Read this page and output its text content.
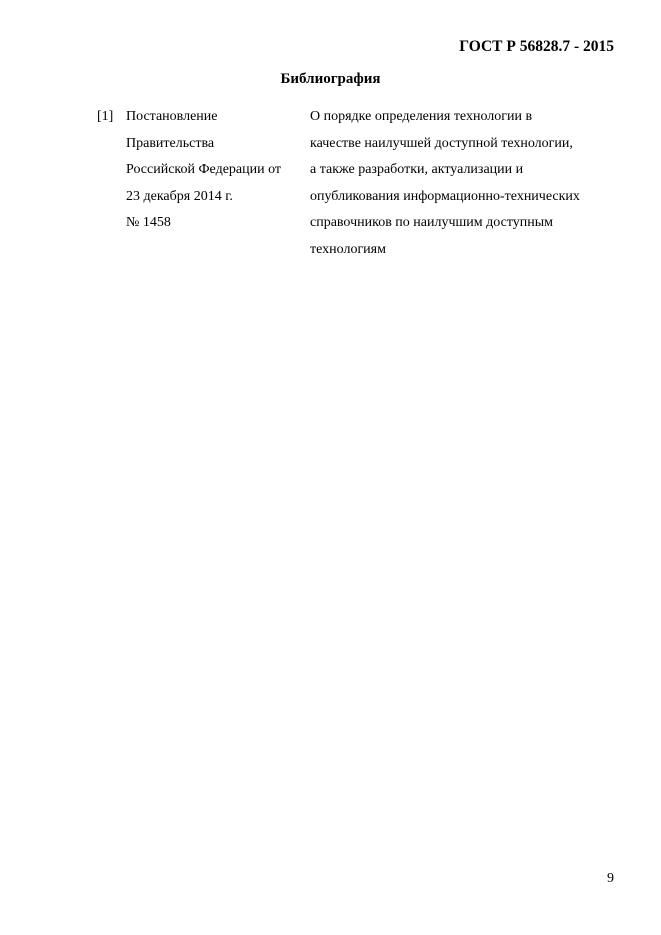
ГОСТ Р 56828.7 - 2015
Библиография
[1] Постановление
Правительства
Российской Федерации от
23 декабря 2014 г.
№ 1458
О порядке определения технологии в
качестве наилучшей доступной технологии,
а также разработки, актуализации и
опубликования информационно-технических
справочников по наилучшим доступным
технологиям
9
